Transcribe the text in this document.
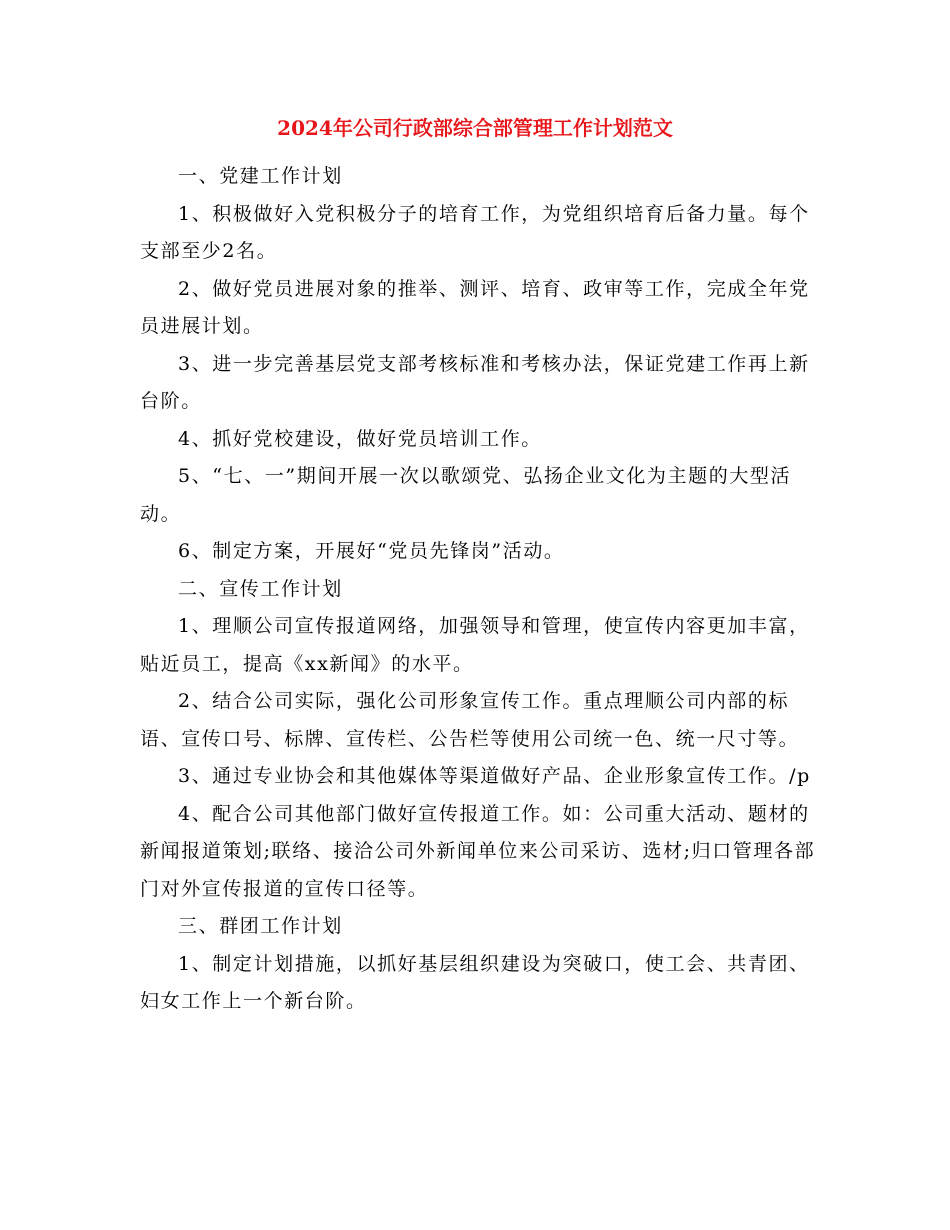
2024年公司行政部综合部管理工作计划范文

一、党建工作计划

1、积极做好入党积极分子的培育工作，为党组织培育后备力量。每个支部至少2名。

2、做好党员进展对象的推举、测评、培育、政审等工作，完成全年党员进展计划。

3、进一步完善基层党支部考核标准和考核办法，保证党建工作再上新台阶。

4、抓好党校建设，做好党员培训工作。

5、“七、一”期间开展一次以歌颂党、弘扬企业文化为主题的大型活动。

6、制定方案，开展好“党员先锋岗”活动。

二、宣传工作计划

1、理顺公司宣传报道网络，加强领导和管理，使宣传内容更加丰富，贴近员工，提高《xx新闻》的水平。

2、结合公司实际，强化公司形象宣传工作。重点理顺公司内部的标语、宣传口号、标牌、宣传栏、公告栏等使用公司统一色、统一尺寸等。

3、通过专业协会和其他媒体等渠道做好产品、企业形象宣传工作。/p

4、配合公司其他部门做好宣传报道工作。如：公司重大活动、题材的新闻报道策划;联络、接洽公司外新闻单位来公司采访、选材;归口管理各部门对外宣传报道的宣传口径等。

三、群团工作计划

1、制定计划措施，以抓好基层组织建设为突破口，使工会、共青团、妇女工作上一个新台阶。
